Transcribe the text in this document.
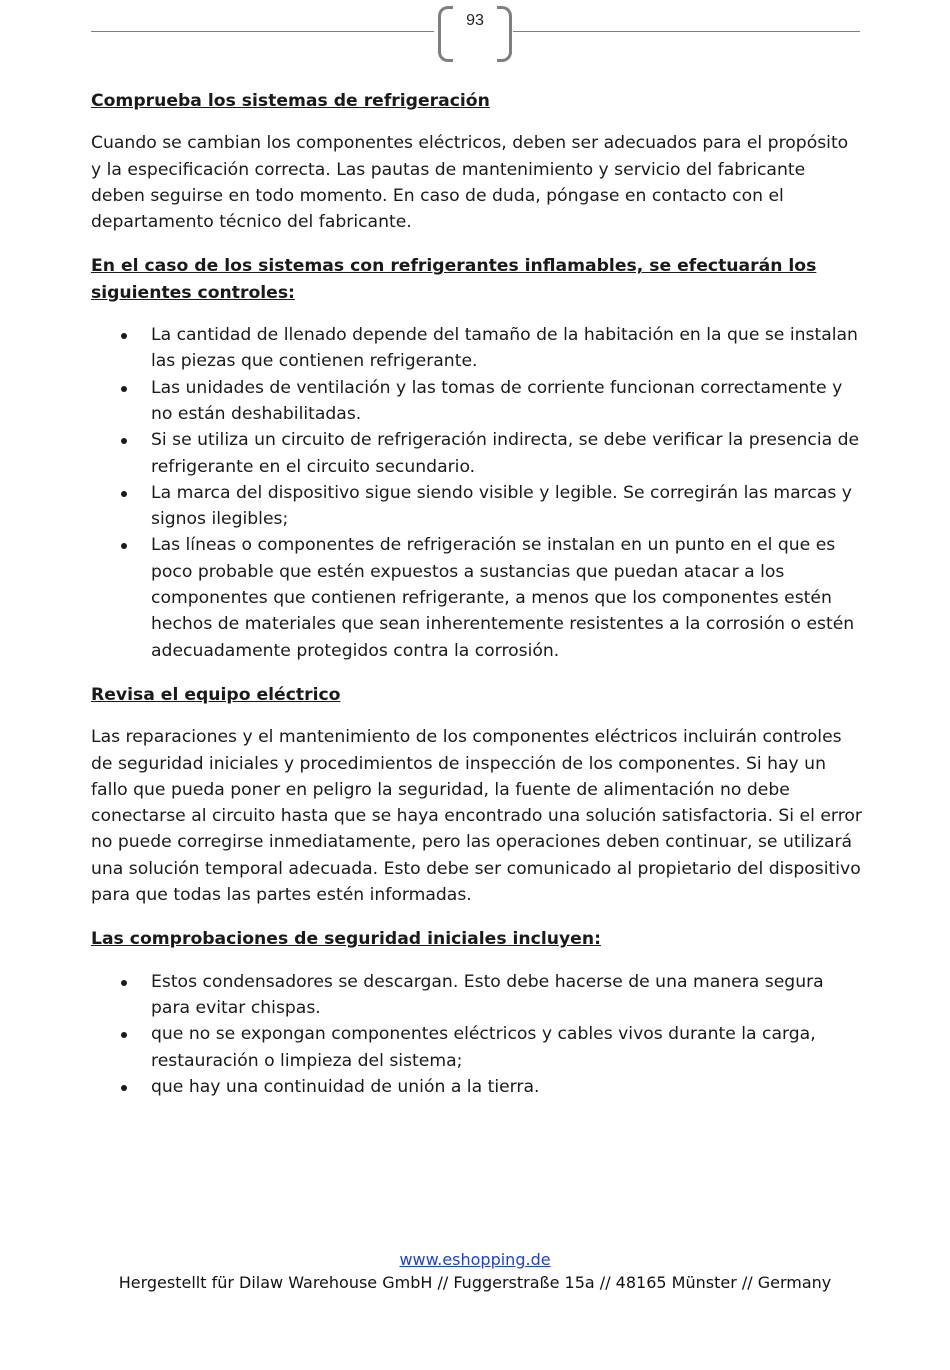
93

Comprueba los sistemas de refrigeración

Cuando se cambian los componentes eléctricos, deben ser adecuados para el propósito y la especificación correcta. Las pautas de mantenimiento y servicio del fabricante deben seguirse en todo momento. En caso de duda, póngase en contacto con el departamento técnico del fabricante.

En el caso de los sistemas con refrigerantes inflamables, se efectuarán los siguientes controles:

La cantidad de llenado depende del tamaño de la habitación en la que se instalan las piezas que contienen refrigerante.
Las unidades de ventilación y las tomas de corriente funcionan correctamente y no están deshabilitadas.
Si se utiliza un circuito de refrigeración indirecta, se debe verificar la presencia de refrigerante en el circuito secundario.
La marca del dispositivo sigue siendo visible y legible. Se corregirán las marcas y signos ilegibles;
Las líneas o componentes de refrigeración se instalan en un punto en el que es poco probable que estén expuestos a sustancias que puedan atacar a los componentes que contienen refrigerante, a menos que los componentes estén hechos de materiales que sean inherentemente resistentes a la corrosión o estén adecuadamente protegidos contra la corrosión.

Revisa el equipo eléctrico

Las reparaciones y el mantenimiento de los componentes eléctricos incluirán controles de seguridad iniciales y procedimientos de inspección de los componentes. Si hay un fallo que pueda poner en peligro la seguridad, la fuente de alimentación no debe conectarse al circuito hasta que se haya encontrado una solución satisfactoria. Si el error no puede corregirse inmediatamente, pero las operaciones deben continuar, se utilizará una solución temporal adecuada. Esto debe ser comunicado al propietario del dispositivo para que todas las partes estén informadas.

Las comprobaciones de seguridad iniciales incluyen:

Estos condensadores se descargan. Esto debe hacerse de una manera segura para evitar chispas.
que no se expongan componentes eléctricos y cables vivos durante la carga, restauración o limpieza del sistema;
que hay una continuidad de unión a la tierra.
www.eshopping.de
Hergestellt für Dilaw Warehouse GmbH // Fuggerstraße 15a // 48165 Münster // Germany
